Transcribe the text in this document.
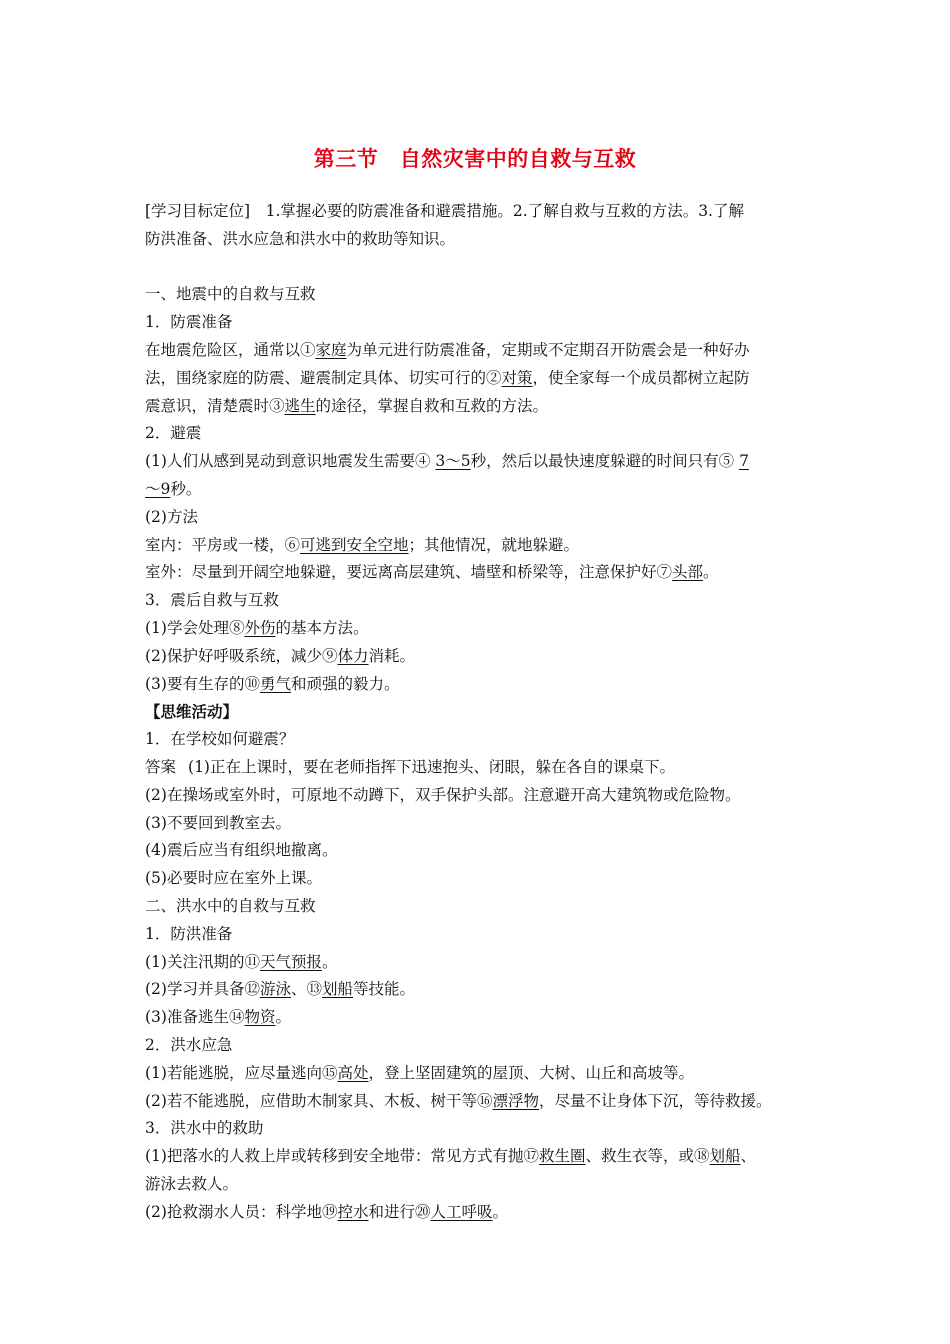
第三节　自然灾害中的自救与互救
[学习目标定位]　1.掌握必要的防震准备和避震措施。2.了解自救与互救的方法。3.了解
防洪准备、洪水应急和洪水中的救助等知识。
一、地震中的自救与互救
1．防震准备
在地震危险区，通常以①家庭为单元进行防震准备，定期或不定期召开防震会是一种好办
法，围绕家庭的防震、避震制定具体、切实可行的②对策，使全家每一个成员都树立起防
震意识，清楚震时③逃生的途径，掌握自救和互救的方法。
2．避震
(1)人们从感到晃动到意识地震发生需要④ 3～5秒，然后以最快速度躲避的时间只有⑤ 7
～9秒。
(2)方法
室内：平房或一楼，⑥可逃到安全空地；其他情况，就地躲避。
室外：尽量到开阔空地躲避，要远离高层建筑、墙壁和桥梁等，注意保护好⑦头部。
3．震后自救与互救
(1)学会处理⑧外伤的基本方法。
(2)保护好呼吸系统，减少⑨体力消耗。
(3)要有生存的⑩勇气和顽强的毅力。
【思维活动】
1．在学校如何避震？
答案 (1)正在上课时，要在老师指挥下迅速抱头、闭眼，躲在各自的课桌下。
(2)在操场或室外时，可原地不动蹲下，双手保护头部。注意避开高大建筑物或危险物。
(3)不要回到教室去。
(4)震后应当有组织地撤离。
(5)必要时应在室外上课。
二、洪水中的自救与互救
1．防洪准备
(1)关注汛期的⑪天气预报。
(2)学习并具备⑫游泳、⑬划船等技能。
(3)准备逃生⑭物资。
2．洪水应急
(1)若能逃脱，应尽量逃向⑮高处，登上坚固建筑的屋顶、大树、山丘和高坡等。
(2)若不能逃脱，应借助木制家具、木板、树干等⑯漂浮物，尽量不让身体下沉，等待救援。
3．洪水中的救助
(1)把落水的人救上岸或转移到安全地带：常见方式有抛⑰救生圈、救生衣等，或⑱划船、
游泳去救人。
(2)抢救溺水人员：科学地⑲控水和进行⑳人工呼吸。
